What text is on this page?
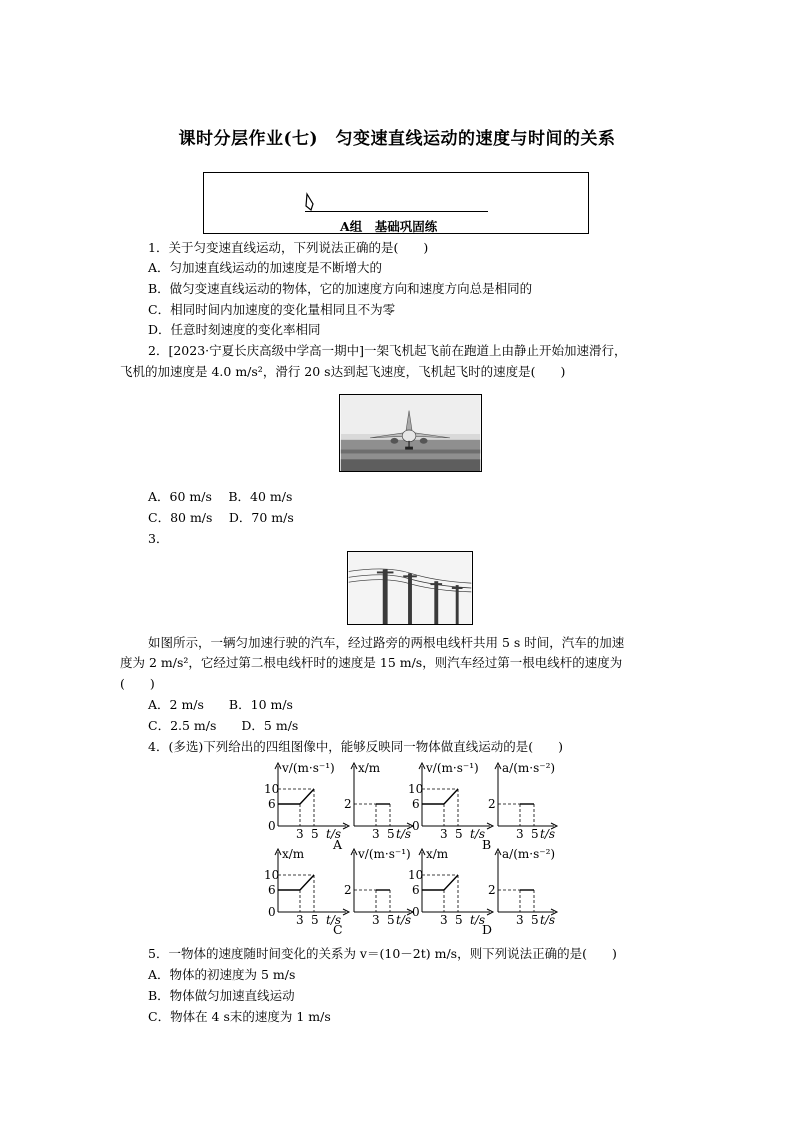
课时分层作业(七)　匀变速直线运动的速度与时间的关系
A组　基础巩固练
1．关于匀变速直线运动，下列说法正确的是(　　)
A．匀加速直线运动的加速度是不断增大的
B．做匀变速直线运动的物体，它的加速度方向和速度方向总是相同的
C．相同时间内加速度的变化量相同且不为零
D．任意时刻速度的变化率相同
2．[2023·宁夏长庆高级中学高一期中]一架飞机起飞前在跑道上由静止开始加速滑行，
飞机的加速度是 4.0 m/s²，滑行 20 s达到起飞速度，飞机起飞时的速度是(　　)
A．60 m/s　 B．40 m/s
C．80 m/s　 D．70 m/s
3．
如图所示，一辆匀加速行驶的汽车，经过路旁的两根电线杆共用 5 s 时间，汽车的加速
度为 2 m/s²，它经过第二根电线杆时的速度是 15 m/s，则汽车经过第一根电线杆的速度为
(　　)
A．2 m/s　　B．10 m/s
C．2.5 m/s　　D．5 m/s
4．(多选)下列给出的四组图像中，能够反映同一物体做直线运动的是(　　)
v/(m·s⁻¹)
10
6
0
3 5 t/s
x/m
2
3 5 t/s
A
v/(m·s⁻¹)
10
6
0
3 5 t/s
a/(m·s⁻²)
2
3 5 t/s
B
x/m
10
6
0
3 5 t/s
v/(m·s⁻¹)
2
3 5 t/s
C
x/m
10
6
0
3 5 t/s
a/(m·s⁻²)
2
3 5 t/s
D
5．一物体的速度随时间变化的关系为 v＝(10－2t) m/s，则下列说法正确的是(　　)
A．物体的初速度为 5 m/s
B．物体做匀加速直线运动
C．物体在 4 s末的速度为 1 m/s
